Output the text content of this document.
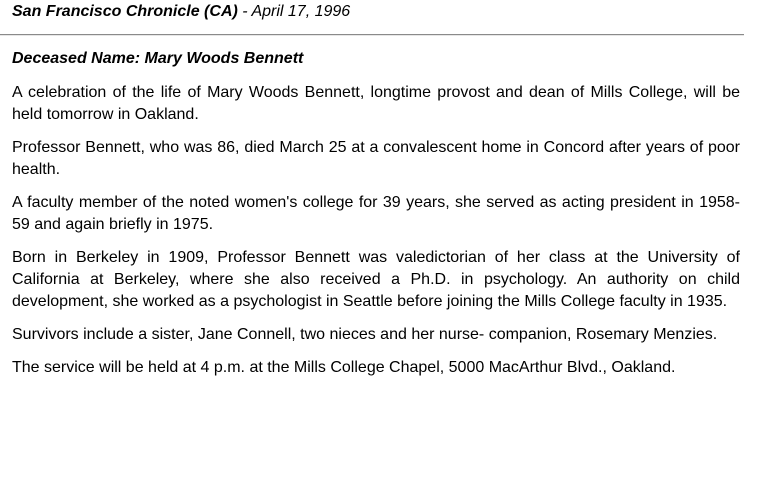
San Francisco Chronicle (CA) - April 17, 1996
Deceased Name: Mary Woods Bennett

A celebration of the life of Mary Woods Bennett, longtime provost and dean of Mills College, will be held tomorrow in Oakland.

Professor Bennett, who was 86, died March 25 at a convalescent home in Concord after years of poor health.

A faculty member of the noted women's college for 39 years, she served as acting president in 1958- 59 and again briefly in 1975.

Born in Berkeley in 1909, Professor Bennett was valedictorian of her class at the University of California at Berkeley, where she also received a Ph.D. in psychology. An authority on child development, she worked as a psychologist in Seattle before joining the Mills College faculty in 1935.

Survivors include a sister, Jane Connell, two nieces and her nurse- companion, Rosemary Menzies.

The service will be held at 4 p.m. at the Mills College Chapel, 5000 MacArthur Blvd., Oakland.
